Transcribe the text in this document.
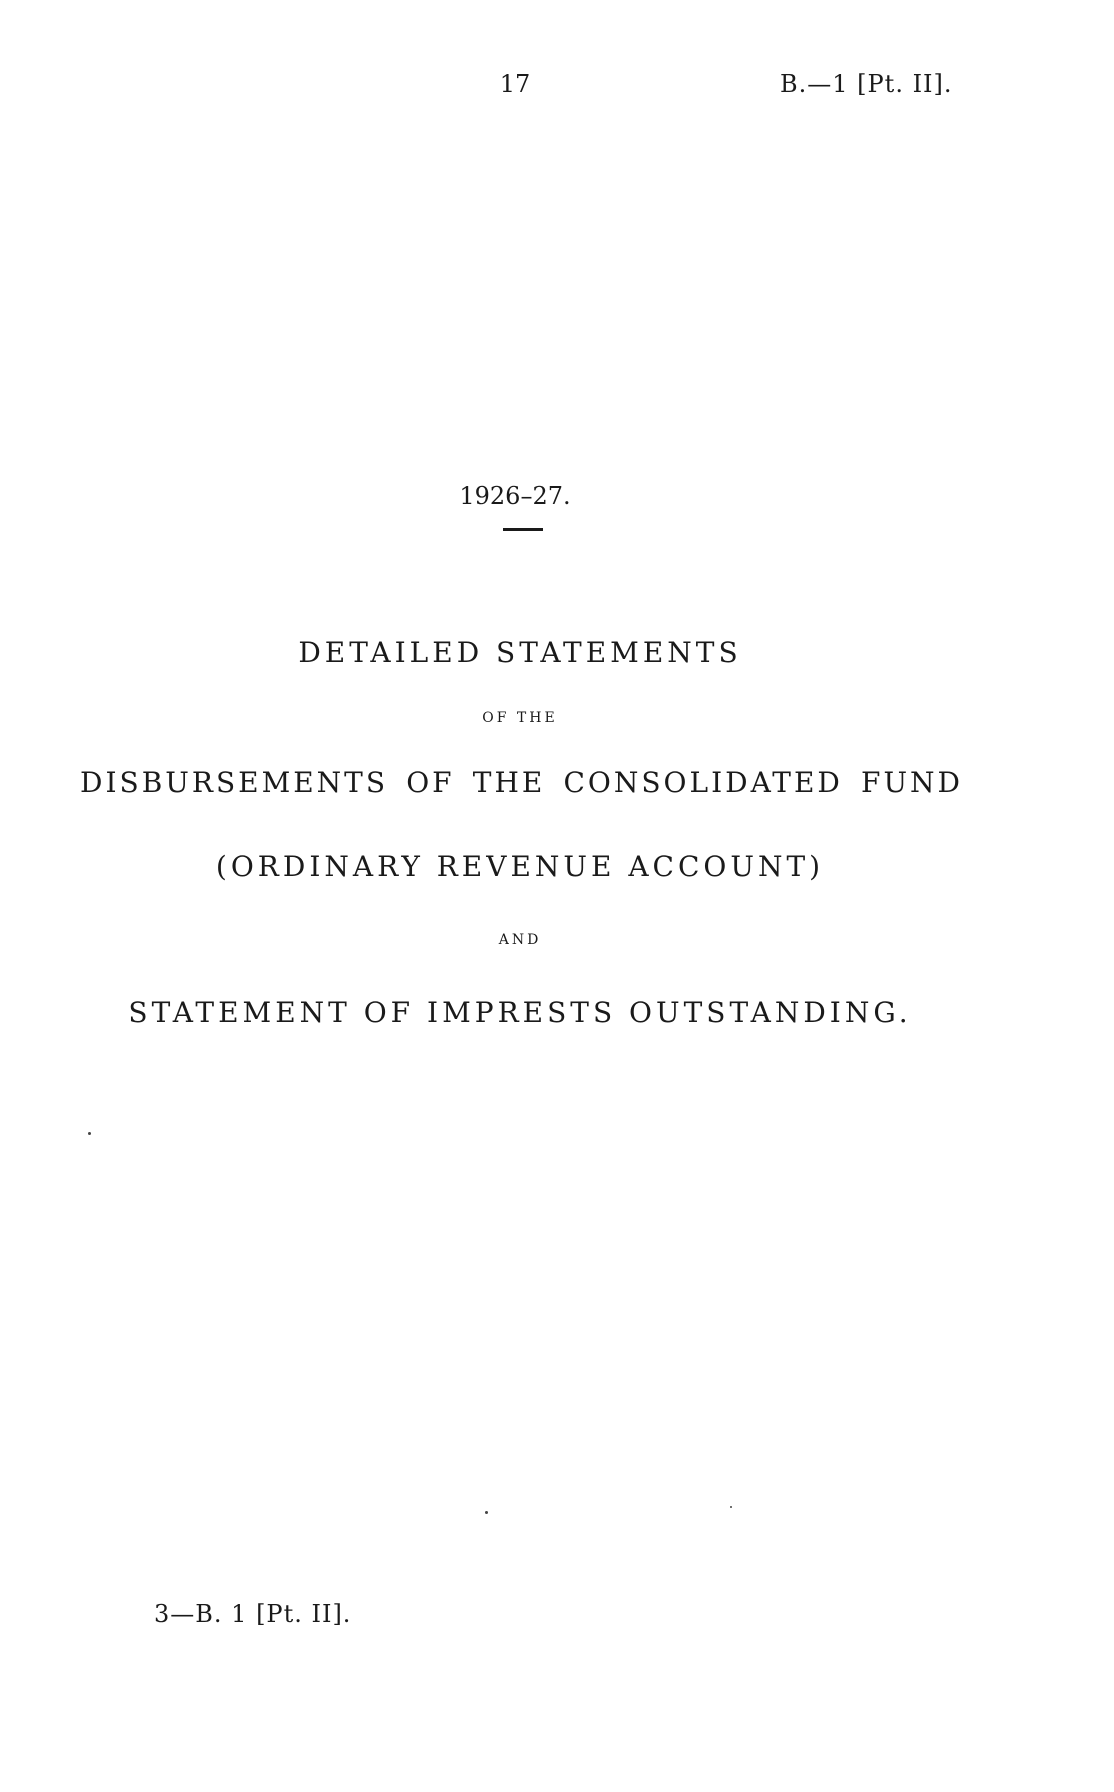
17	B.—1 [Pt. II].
1926–27.
DETAILED STATEMENTS
OF THE
DISBURSEMENTS OF THE CONSOLIDATED FUND
(ORDINARY REVENUE ACCOUNT)
AND
STATEMENT OF IMPRESTS OUTSTANDING.
3—B. 1 [Pt. II].
